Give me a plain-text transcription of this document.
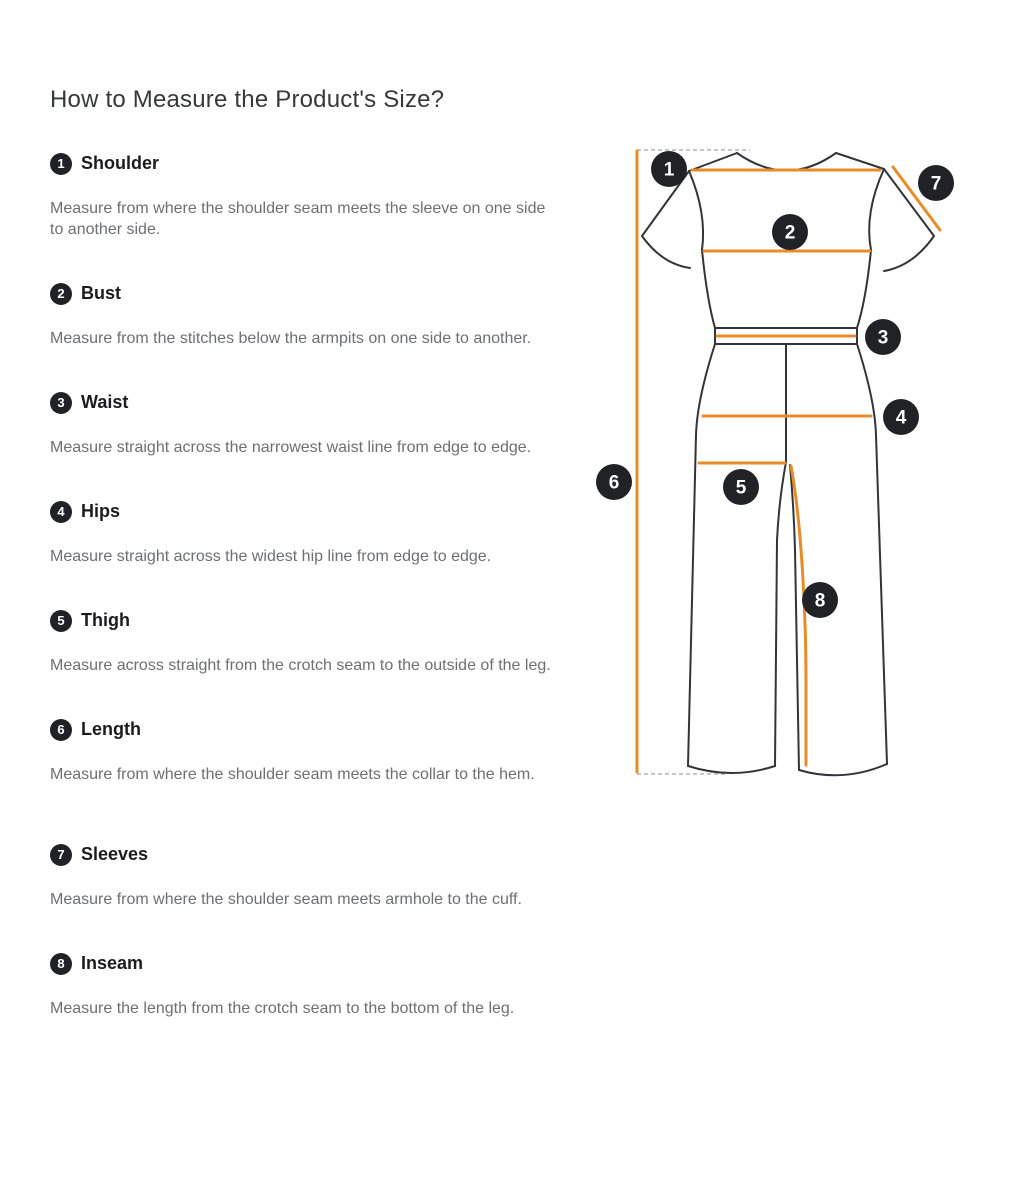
How to Measure the Product's Size?
1 Shoulder

Measure from where the shoulder seam meets the sleeve on one side to another side.

2 Bust

Measure from the stitches below the armpits on one side to another.

3 Waist

Measure straight across the narrowest waist line from edge to edge.

4 Hips

Measure straight across the widest hip line from edge to edge.

5 Thigh

Measure across straight from the crotch seam to the outside of the leg.

6 Length

Measure from where the shoulder seam meets the collar to the hem.

7 Sleeves

Measure from where the shoulder seam meets armhole to the cuff.

8 Inseam

Measure the length from the crotch seam to the bottom of the leg.

1
2
3
4
5
6
7
8
